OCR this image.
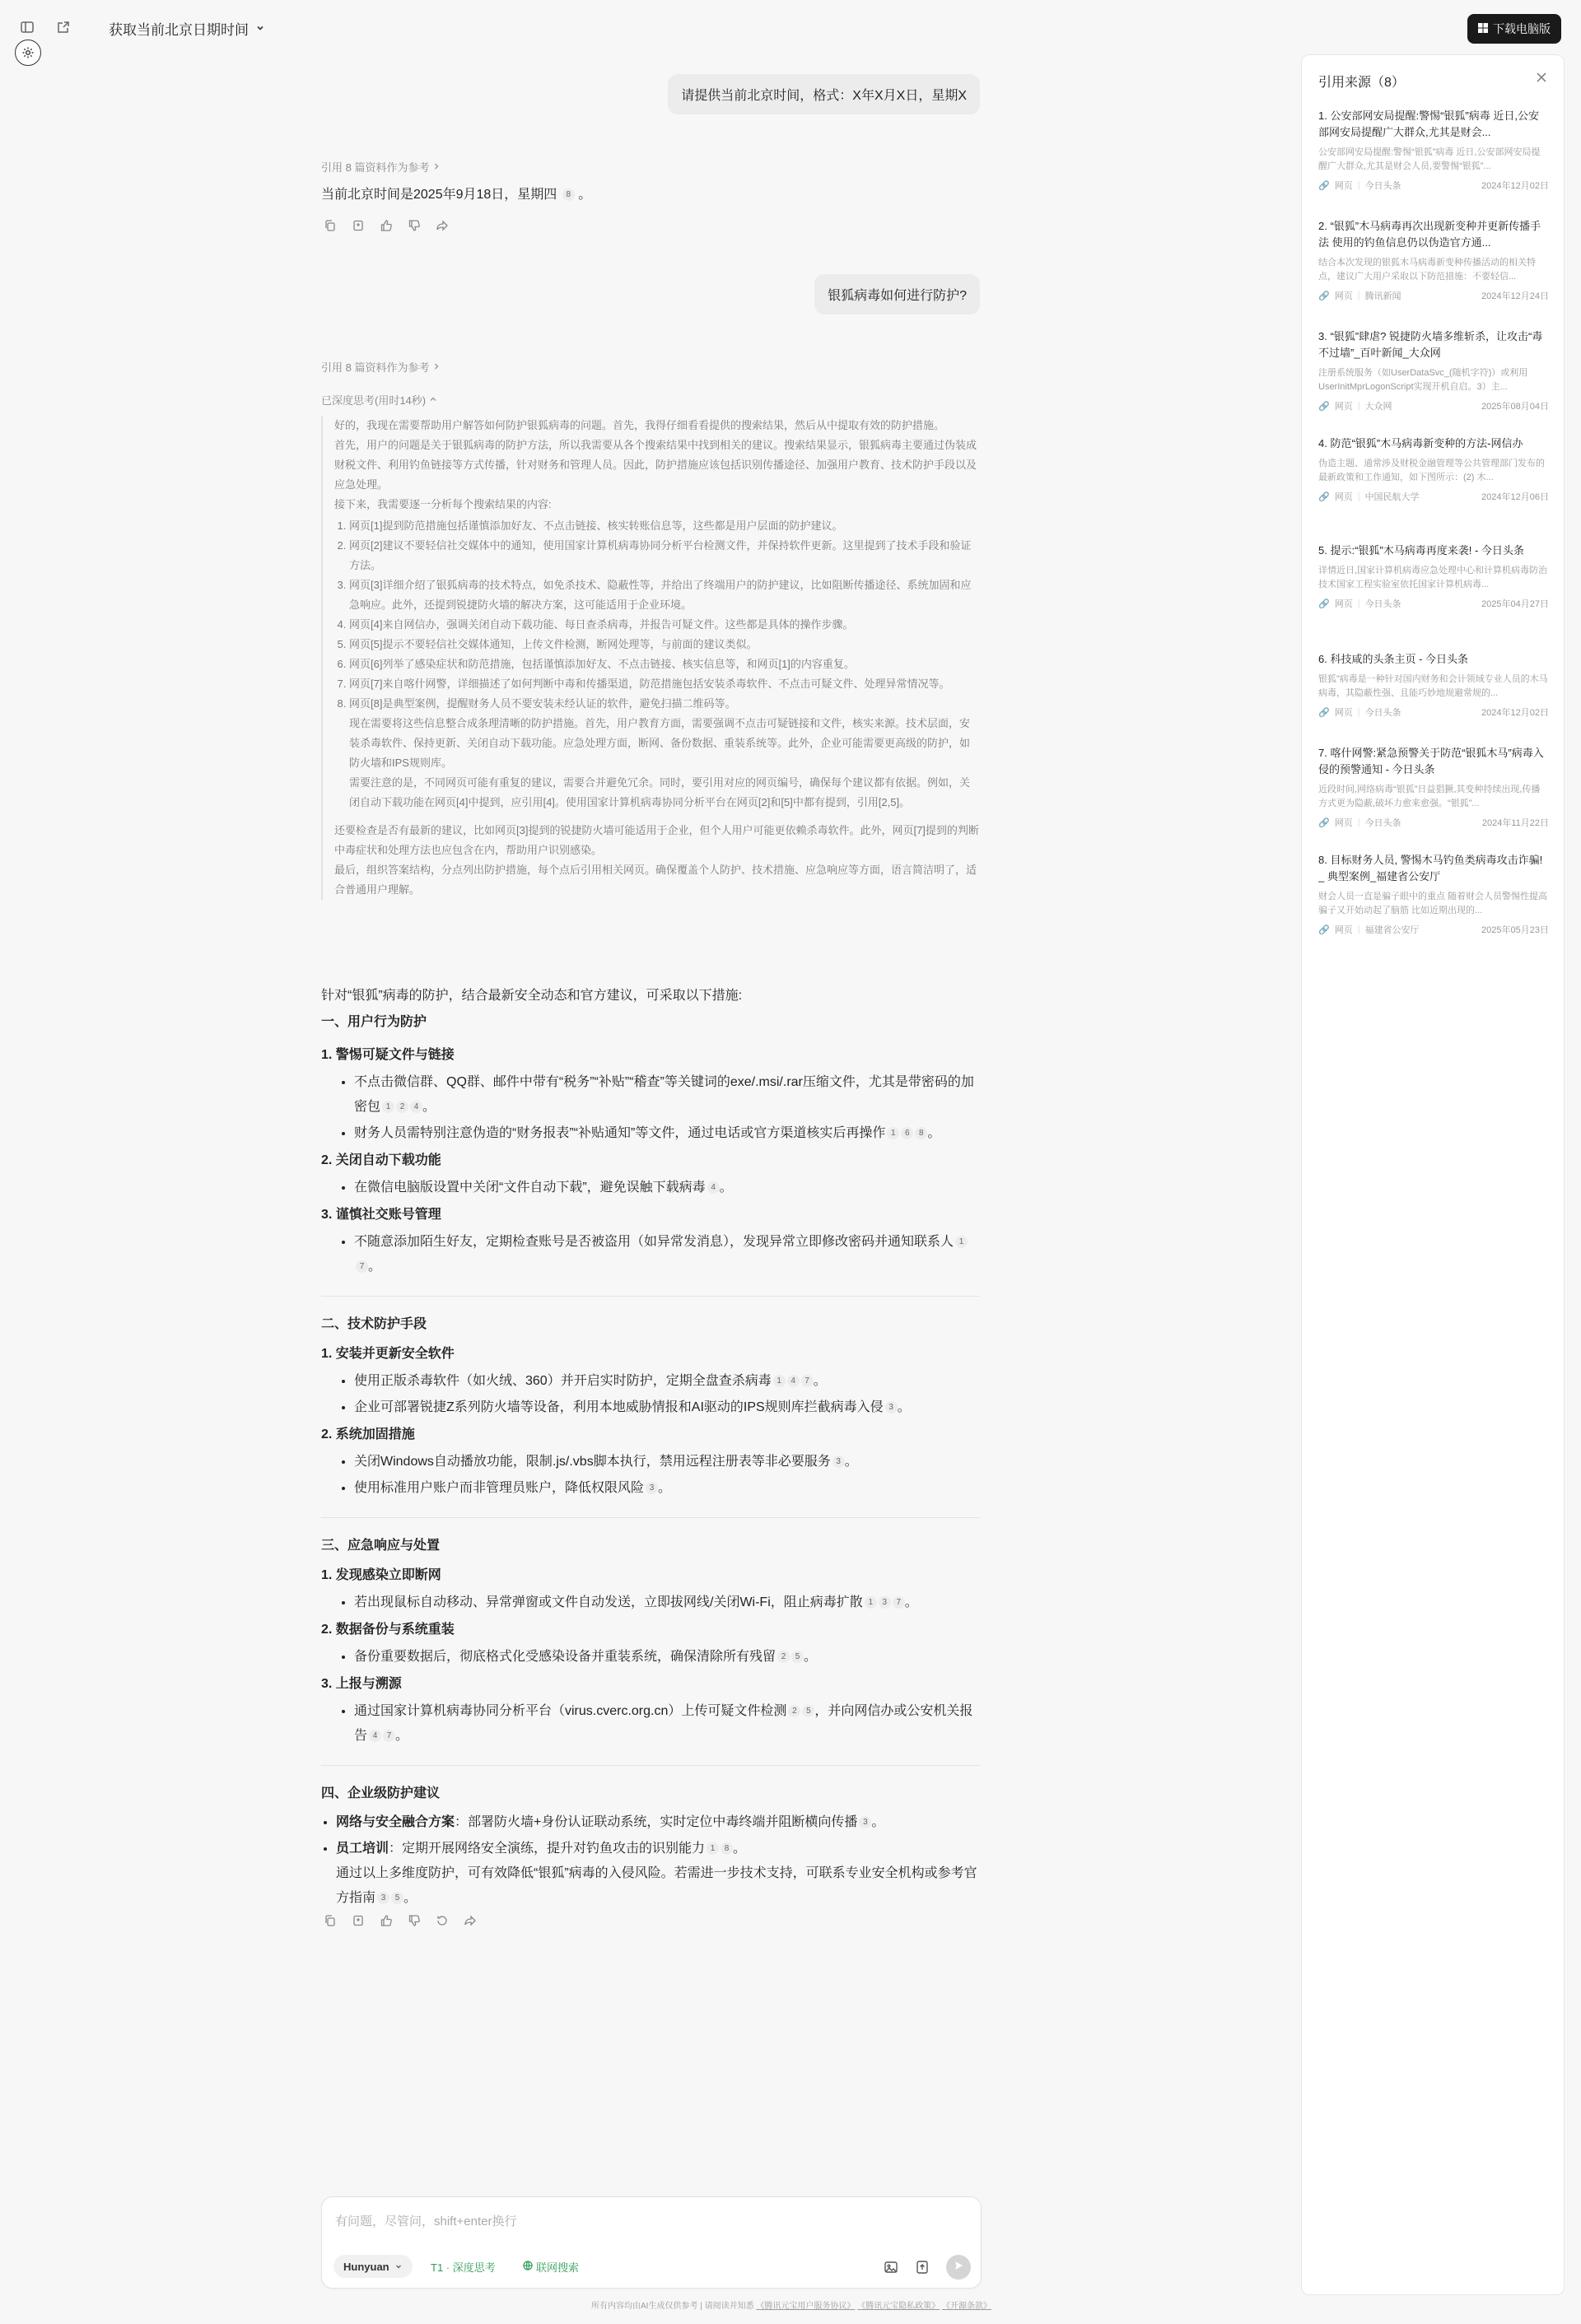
获取当前北京日期时间	下载电脑版
请提供当前北京时间，格式：X年X月X日，星期X
引用 8 篇资料作为参考
当前北京时间是2025年9月18日，星期四 8 。
银狐病毒如何进行防护?
引用 8 篇资料作为参考
已深度思考(用时14秒)

好的，我现在需要帮助用户解答如何防护银狐病毒的问题。首先，我得仔细看看提供的搜索结果，然后从中提取有效的防护措施。

首先，用户的问题是关于银狐病毒的防护方法，所以我需要从各个搜索结果中找到相关的建议。搜索结果显示，银狐病毒主要通过伪装成财税文件、利用钓鱼链接等方式传播，针对财务和管理人员。因此，防护措施应该包括识别传播途径、加强用户教育、技术防护手段以及应急处理。

接下来，我需要逐一分析每个搜索结果的内容:

1. 网页[1]提到防范措施包括谨慎添加好友、不点击链接、核实转账信息等，这些都是用户层面的防护建议。
2. 网页[2]建议不要轻信社交媒体中的通知，使用国家计算机病毒协同分析平台检测文件，并保持软件更新。这里提到了技术手段和验证方法。
3. 网页[3]详细介绍了银狐病毒的技术特点，如免杀技术、隐蔽性等，并给出了终端用户的防护建议，比如阻断传播途径、系统加固和应急响应。此外，还提到锐捷防火墙的解决方案，这可能适用于企业环境。
4. 网页[4]来自网信办，强调关闭自动下载功能、每日查杀病毒，并报告可疑文件。这些都是具体的操作步骤。
5. 网页[5]提示不要轻信社交媒体通知，上传文件检测，断网处理等，与前面的建议类似。
6. 网页[6]列举了感染症状和防范措施，包括谨慎添加好友、不点击链接、核实信息等，和网页[1]的内容重复。
7. 网页[7]来自喀什网警，详细描述了如何判断中毒和传播渠道，防范措施包括安装杀毒软件、不点击可疑文件、处理异常情况等。
8. 网页[8]是典型案例，提醒财务人员不要安装未经认证的软件，避免扫描二维码等。

现在需要将这些信息整合成条理清晰的防护措施。首先，用户教育方面，需要强调不点击可疑链接和文件，核实来源。技术层面，安装杀毒软件、保持更新、关闭自动下载功能。应急处理方面，断网、备份数据、重装系统等。此外，企业可能需要更高级的防护，如防火墙和IPS规则库。

需要注意的是，不同网页可能有重复的建议，需要合并避免冗余。同时，要引用对应的网页编号，确保每个建议都有依据。例如，关闭自动下载功能在网页[4]中提到，应引用[4]。使用国家计算机病毒协同分析平台在网页[2]和[5]中都有提到，引用[2,5]。

还要检查是否有最新的建议，比如网页[3]提到的锐捷防火墙可能适用于企业，但个人用户可能更依赖杀毒软件。此外，网页[7]提到的判断中毒症状和处理方法也应包含在内，帮助用户识别感染。

最后，组织答案结构，分点列出防护措施，每个点后引用相关网页。确保覆盖个人防护、技术措施、应急响应等方面，语言简洁明了，适合普通用户理解。

针对“银狐”病毒的防护，结合最新安全动态和官方建议，可采取以下措施:
一、用户行为防护
1. 警惕可疑文件与链接
• 不点击微信群、QQ群、邮件中带有“税务”“补贴”“稽查”等关键词的exe/.msi/.rar压缩文件，尤其是带密码的加密包 1 2 4 。
• 财务人员需特别注意伪造的“财务报表”“补贴通知”等文件，通过电话或官方渠道核实后再操作 1 6 8 。
2. 关闭自动下载功能
• 在微信电脑版设置中关闭“文件自动下载”，避免误触下载病毒 4 。
3. 谨慎社交账号管理
• 不随意添加陌生好友，定期检查账号是否被盗用（如异常发消息），发现异常立即修改密码并通知联系人 17 。
二、技术防护手段
1. 安装并更新安全软件
• 使用正版杀毒软件（如火绒、360）并开启实时防护，定期全盘查杀病毒 1 4 7 。
• 企业可部署锐捷Z系列防火墙等设备，利用本地威胁情报和AI驱动的IPS规则库拦截病毒入侵 3 。
2. 系统加固措施
• 关闭Windows自动播放功能，限制.js/.vbs脚本执行，禁用远程注册表等非必要服务 3 。
• 使用标准用户账户而非管理员账户，降低权限风险 3 。
三、应急响应与处置
1. 发现感染立即断网
• 若出现鼠标自动移动、异常弹窗或文件自动发送，立即拔网线/关闭Wi-Fi，阻止病毒扩散 1 3 7 。
2. 数据备份与系统重装
• 备份重要数据后，彻底格式化受感染设备并重装系统，确保清除所有残留 2 5 。
3. 上报与溯源
• 通过国家计算机病毒协同分析平台（virus.cverc.org.cn）上传可疑文件检测 2 5 ，并向网信办或公安机关报告 4 7 。
四、企业级防护建议
• 网络与安全融合方案：部署防火墙+身份认证联动系统，实时定位中毒终端并阻断横向传播 3 。
• 员工培训：定期开展网络安全演练，提升对钓鱼攻击的识别能力 1 8 。
通过以上多维度防护，可有效降低“银狐”病毒的入侵风险。若需进一步技术支持，可联系专业安全机构或参考官方指南 3 5 。
有问题，尽管问，shift+enter换行
Hunyuan	T1 · 深度思考	联网搜索
所有内容均由AI生成仅供参考 | 请阅读并知悉 《腾讯元宝用户服务协议》 《腾讯元宝隐私政策》 《开源条款》
引用来源（8）
1. 公安部网安局提醒:警惕“银狐”病毒 近日,公安部网安局提醒广大群众,尤其是财会...
公安部网安局提醒:警惕“银狐”病毒 近日,公安部网安局提醒广大群众,尤其是财会人员,要警惕“银狐”...
🔗 网页 | 今日头条	2024年12月02日
2. “银狐”木马病毒再次出现新变种并更新传播手法 使用的钓鱼信息仍以伪造官方通...
结合本次发现的银狐木马病毒新变种传播活动的相关特点，建议广大用户采取以下防范措施：不要轻信...
🔗 网页 | 腾讯新闻	2024年12月24日
3. “银狐”肆虐? 锐捷防火墙多维斩杀，让攻击“毒不过墙”_百叶新闻_大众网
注册系统服务（如UserDataSvc_(随机字符)）或利用UserInitMprLogonScript实现开机自启。3）主...
🔗 网页 | 大众网	2025年08月04日
4. 防范“银狐”木马病毒新变种的方法-网信办
伪造主题、通常涉及财税金融管理等公共管理部门发布的最新政策和工作通知，如下图所示：(2) 木...
🔗 网页 | 中国民航大学	2024年12月06日
5. 提示:“银狐”木马病毒再度来袭! - 今日头条
详情近日,国家计算机病毒应急处理中心和计算机病毒防治技术国家工程实验室依托国家计算机病毒...
🔗 网页 | 今日头条	2025年04月27日
6. 科技咸的头条主页 - 今日头条
银狐”病毒是一种针对国内财务和会计领域专业人员的木马病毒，其隐蔽性强、且能巧妙地规避常规的...
🔗 网页 | 今日头条	2024年12月02日
7. 喀什网警:紧急预警关于防范“银狐木马”病毒入侵的预警通知 - 今日头条
近段时间,网络病毒“银狐”日益猖獗,其变种持续出现,传播方式更为隐蔽,破坏力愈来愈强。“银狐”...
🔗 网页 | 今日头条	2024年11月22日
8. 目标财务人员, 警惕木马钓鱼类病毒攻击诈骗! _ 典型案例_福建省公安厅
财会人员一直是骗子眼中的重点 随着财会人员警惕性提高 骗子又开始动起了脑筋 比如近期出现的...
🔗 网页 | 福建省公安厅	2025年05月23日
